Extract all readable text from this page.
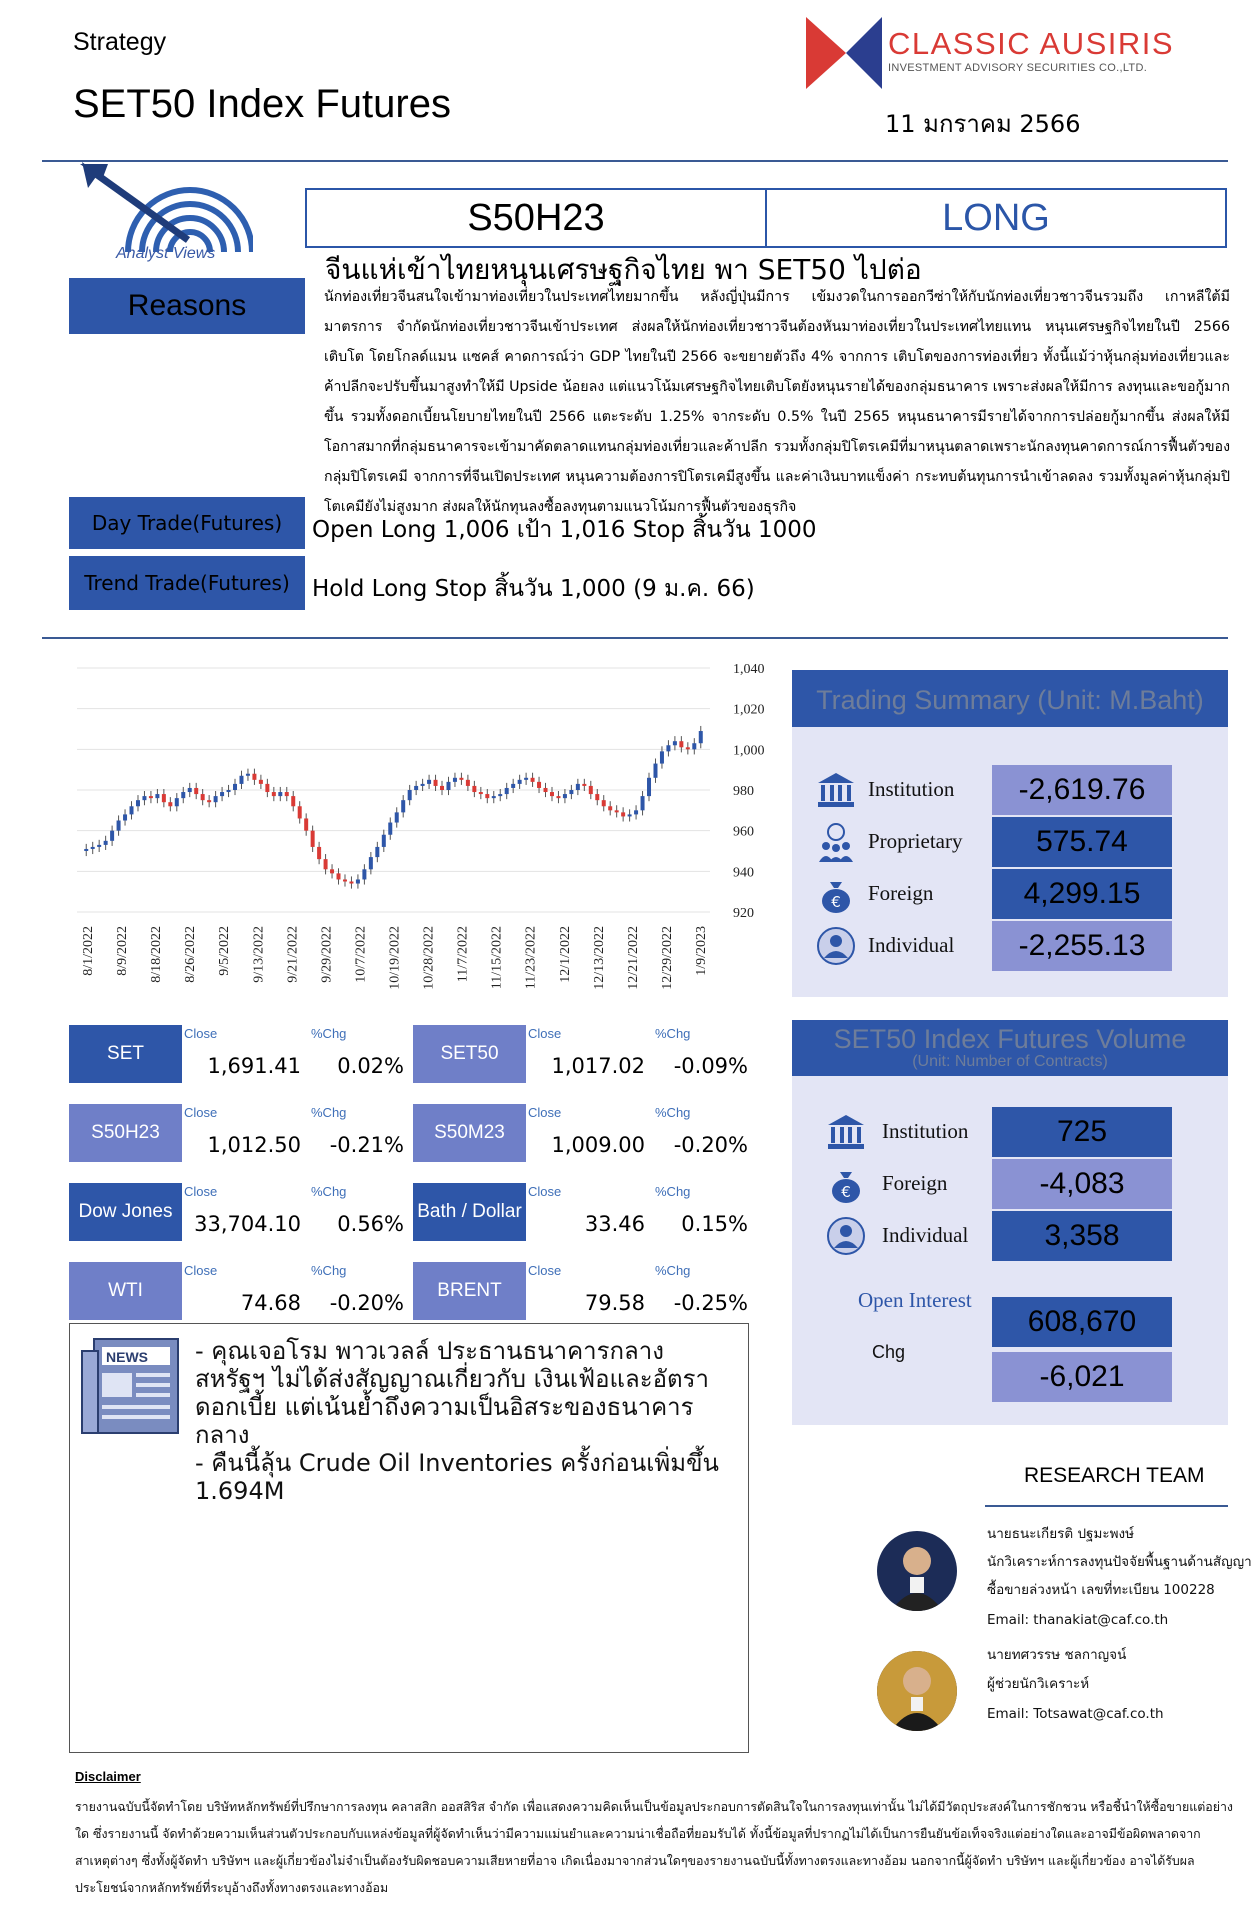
Strategy
SET50 Index Futures
CLASSIC AUSIRIS
INVESTMENT ADVISORY SECURITIES CO.,LTD.
11 มกราคม 2566
Analyst Views
S50H23	LONG
จีนแห่เข้าไทยหนุนเศรษฐกิจไทย พา SET50 ไปต่อ
Reasons	นักท่องเที่ยวจีนสนใจเข้ามาท่องเที่ยวในประเทศไทยมากขึ้น หลังญี่ปุ่นมีการ เข้มงวดในการออกวีซ่าให้กับนักท่องเที่ยวชาวจีนรวมถึง เกาหลีใต้มีมาตรการ จำกัดนักท่องเที่ยวชาวจีนเข้าประเทศ ส่งผลให้นักท่องเที่ยวชาวจีนต้องหันมาท่องเที่ยวในประเทศไทยแทน หนุนเศรษฐกิจไทยในปี 2566 เติบโต โดยโกลด์แมน แซคส์ คาดการณ์ว่า GDP ไทยในปี 2566 จะขยายตัวถึง 4% จากการ เติบโตของการท่องเที่ยว ทั้งนี้แม้ว่าหุ้นกลุ่มท่องเที่ยวและค้าปลีกจะปรับขึ้นมาสูงทำให้มี Upside น้อยลง แต่แนวโน้มเศรษฐกิจไทยเติบโตยังหนุนรายได้ของกลุ่มธนาคาร เพราะส่งผลให้มีการ ลงทุนและขอกู้มากขึ้น รวมทั้งดอกเบี้ยนโยบายไทยในปี 2566 แตะระดับ 1.25% จากระดับ 0.5% ในปี 2565 หนุนธนาคารมีรายได้จากการปล่อยกู้มากขึ้น ส่งผลให้มีโอกาสมากที่กลุ่มธนาคารจะเข้ามาคัดตลาดแทนกลุ่มท่องเที่ยวและค้าปลีก รวมทั้งกลุ่มปิโตรเคมีที่มาหนุนตลาดเพราะนักลงทุนคาดการณ์การฟื้นตัวของกลุ่มปิโตรเคมี จากการที่จีนเปิดประเทศ หนุนความต้องการปิโตรเคมีสูงขึ้น และค่าเงินบาทแข็งค่า กระทบต้นทุนการนำเข้าลดลง รวมทั้งมูลค่าหุ้นกลุ่มปิโตเคมียังไม่สูงมาก ส่งผลให้นักทุนลงซื้อลงทุนตามแนวโน้มการฟื้นตัวของธุรกิจ
Day Trade(Futures)	Open Long 1,006 เป้า 1,016 Stop สิ้นวัน 1000
Trend Trade(Futures) Hold Long Stop สิ้นวัน 1,000 (9 ม.ค. 66)
1,040
1,020
1,000
980
960
940
920
8/1/2022 8/9/2022 8/18/2022 8/26/2022 9/5/2022 9/13/2022 9/21/2022 9/29/2022 10/7/2022 10/19/2022 10/28/2022 11/7/2022 11/15/2022 11/23/2022 12/1/2022 12/13/2022 12/21/2022 12/29/2022 1/9/2023
SET
Close	%Chg
1,691.41 0.02%
SET50
Close	%Chg
1,017.02 -0.09%
S50H23
Close	%Chg
1,012.50 -0.21%
S50M23
Close	%Chg
1,009.00 -0.20%
Dow Jones
Close	%Chg
33,704.10 0.56%
Bath / Dollar
Close	%Chg
33.46 0.15%
WTI
Close	%Chg
74.68 -0.20%
BRENT
Close	%Chg
79.58 -0.25%
NEWS - คุณเจอโรม พาวเวลล์ ประธานธนาคารกลางสหรัฐฯ ไม่ได้ส่งสัญญาณเกี่ยวกับ เงินเฟ้อและอัตราดอกเบี้ย แต่เน้นย้ำถึงความเป็นอิสระของธนาคารกลาง
- คืนนี้ลุ้น Crude Oil Inventories ครั้งก่อนเพิ่มขึ้น 1.694M
Trading Summary (Unit: M.Baht)
Institution	-2,619.76
Proprietary	575.74
€ Foreign	4,299.15
Individual	-2,255.13
SET50 Index Futures Volume
(Unit: Number of Contracts)
Institution	725
€ Foreign	-4,083
Individual	3,358
Open Interest
608,670
Chg
-6,021
RESEARCH TEAM
นายธนะเกียรติ ปฐมะพงษ์
นักวิเคราะห์การลงทุนปัจจัยพื้นฐานด้านสัญญา
ซื้อขายล่วงหน้า เลขที่ทะเบียน 100228
Email: thanakiat@caf.co.th
นายทศวรรษ ชลกาญจน์
ผู้ช่วยนักวิเคราะห์
Email: Totsawat@caf.co.th
Disclaimer
รายงานฉบับนี้จัดทำโดย บริษัทหลักทรัพย์ที่ปรึกษาการลงทุน คลาสสิก ออสสิริส จำกัด เพื่อแสดงความคิดเห็นเป็นข้อมูลประกอบการตัดสินใจในการลงทุนเท่านั้น ไม่ได้มีวัตถุประสงค์ในการชักชวน หรือชี้นำให้ซื้อขายแต่อย่างใด ซึ่งรายงานนี้ จัดทำด้วยความเห็นส่วนตัวประกอบกับแหล่งข้อมูลที่ผู้จัดทำเห็นว่ามีความแม่นยำและความน่าเชื่อถือที่ยอมรับได้ ทั้งนี้ข้อมูลที่ปรากฏไม่ได้เป็นการยืนยันข้อเท็จจริงแต่อย่างใดและอาจมีข้อผิดพลาดจากสาเหตุต่างๆ ซึ่งทั้งผู้จัดทำ บริษัทฯ และผู้เกี่ยวข้องไม่จำเป็นต้องรับผิดชอบความเสียหายที่อาจ เกิดเนื่องมาจากส่วนใดๆของรายงานฉบับนี้ทั้งทางตรงและทางอ้อม นอกจากนี้ผู้จัดทำ บริษัทฯ และผู้เกี่ยวข้อง อาจได้รับผลประโยชน์จากหลักทรัพย์ที่ระบุอ้างถึงทั้งทางตรงและทางอ้อม
